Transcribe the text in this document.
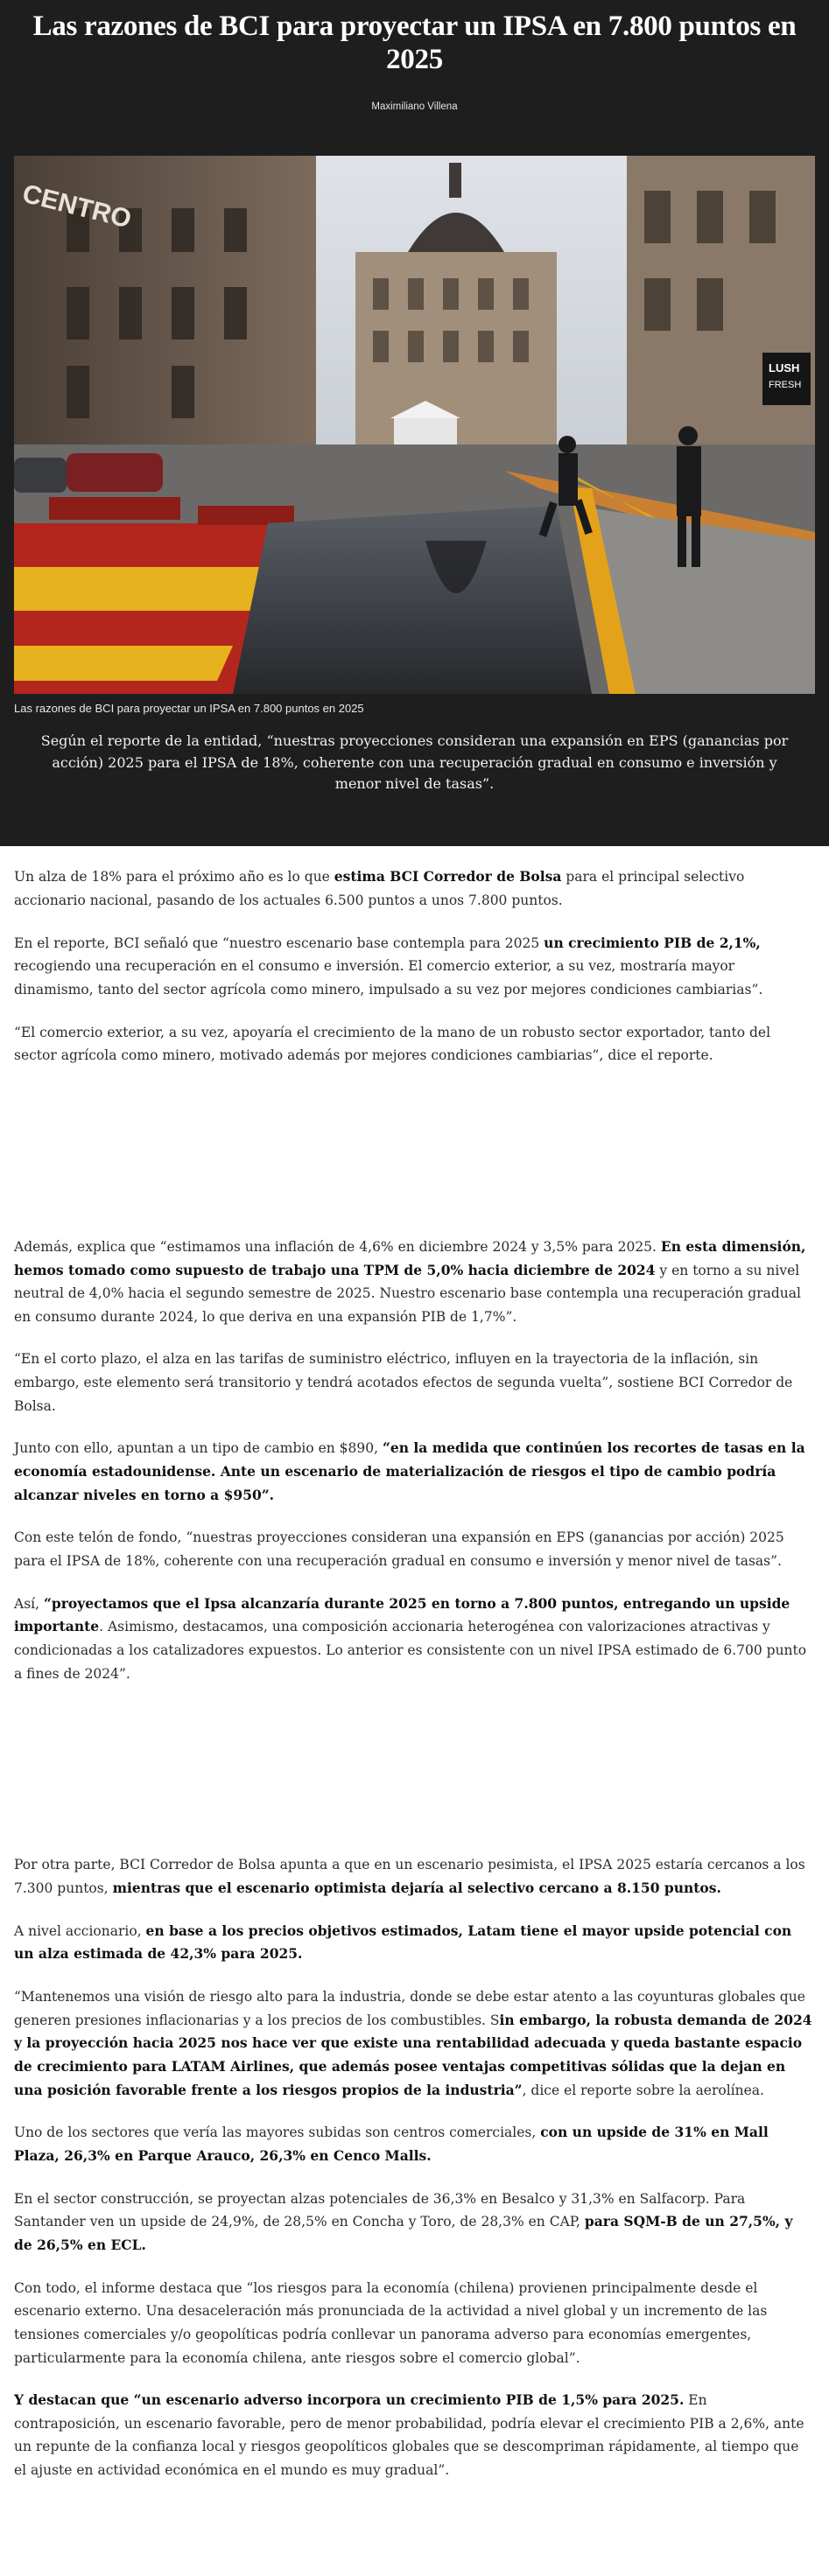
Las razones de BCI para proyectar un IPSA en 7.800 puntos en 2025
Maximiliano Villena
CENTRO
LUSH
FRESH
Las razones de BCI para proyectar un IPSA en 7.800 puntos en 2025

Según el reporte de la entidad, “nuestras proyecciones consideran una expansión en EPS (ganancias por acción) 2025 para el IPSA de 18%, coherente con una recuperación gradual en consumo e inversión y menor nivel de tasas”.

Un alza de 18% para el próximo año es lo que estima BCI Corredor de Bolsa para el principal selectivo accionario nacional, pasando de los actuales 6.500 puntos a unos 7.800 puntos.

En el reporte, BCI señaló que “nuestro escenario base contempla para 2025 un crecimiento PIB de 2,1%, recogiendo una recuperación en el consumo e inversión. El comercio exterior, a su vez, mostraría mayor dinamismo, tanto del sector agrícola como minero, impulsado a su vez por mejores condiciones cambiarias”.

“El comercio exterior, a su vez, apoyaría el crecimiento de la mano de un robusto sector exportador, tanto del sector agrícola como minero, motivado además por mejores condiciones cambiarias”, dice el reporte.

Además, explica que “estimamos una inflación de 4,6% en diciembre 2024 y 3,5% para 2025. En esta dimensión, hemos tomado como supuesto de trabajo una TPM de 5,0% hacia diciembre de 2024 y en torno a su nivel neutral de 4,0% hacia el segundo semestre de 2025. Nuestro escenario base contempla una recuperación gradual en consumo durante 2024, lo que deriva en una expansión PIB de 1,7%”.

“En el corto plazo, el alza en las tarifas de suministro eléctrico, influyen en la trayectoria de la inflación, sin embargo, este elemento será transitorio y tendrá acotados efectos de segunda vuelta”, sostiene BCI Corredor de Bolsa.

Junto con ello, apuntan a un tipo de cambio en $890, “en la medida que continúen los recortes de tasas en la economía estadounidense. Ante un escenario de materialización de riesgos el tipo de cambio podría alcanzar niveles en torno a $950”.

Con este telón de fondo, “nuestras proyecciones consideran una expansión en EPS (ganancias por acción) 2025 para el IPSA de 18%, coherente con una recuperación gradual en consumo e inversión y menor nivel de tasas”.

Así, “proyectamos que el Ipsa alcanzaría durante 2025 en torno a 7.800 puntos, entregando un upside importante. Asimismo, destacamos, una composición accionaria heterogénea con valorizaciones atractivas y condicionadas a los catalizadores expuestos. Lo anterior es consistente con un nivel IPSA estimado de 6.700 punto a fines de 2024”.

Por otra parte, BCI Corredor de Bolsa apunta a que en un escenario pesimista, el IPSA 2025 estaría cercanos a los 7.300 puntos, mientras que el escenario optimista dejaría al selectivo cercano a 8.150 puntos.

A nivel accionario, en base a los precios objetivos estimados, Latam tiene el mayor upside potencial con un alza estimada de 42,3% para 2025.

“Mantenemos una visión de riesgo alto para la industria, donde se debe estar atento a las coyunturas globales que generen presiones inflacionarias y a los precios de los combustibles. Sin embargo, la robusta demanda de 2024 y la proyección hacia 2025 nos hace ver que existe una rentabilidad adecuada y queda bastante espacio de crecimiento para LATAM Airlines, que además posee ventajas competitivas sólidas que la dejan en una posición favorable frente a los riesgos propios de la industria”, dice el reporte sobre la aerolínea.

Uno de los sectores que vería las mayores subidas son centros comerciales, con un upside de 31% en Mall Plaza, 26,3% en Parque Arauco, 26,3% en Cenco Malls.

En el sector construcción, se proyectan alzas potenciales de 36,3% en Besalco y 31,3% en Salfacorp. Para Santander ven un upside de 24,9%, de 28,5% en Concha y Toro, de 28,3% en CAP, para SQM-B de un 27,5%, y de 26,5% en ECL.

Con todo, el informe destaca que “los riesgos para la economía (chilena) provienen principalmente desde el escenario externo. Una desaceleración más pronunciada de la actividad a nivel global y un incremento de las tensiones comerciales y/o geopolíticas podría conllevar un panorama adverso para economías emergentes, particularmente para la economía chilena, ante riesgos sobre el comercio global”.

Y destacan que “un escenario adverso incorpora un crecimiento PIB de 1,5% para 2025. En contraposición, un escenario favorable, pero de menor probabilidad, podría elevar el crecimiento PIB a 2,6%, ante un repunte de la confianza local y riesgos geopolíticos globales que se descompriman rápidamente, al tiempo que el ajuste en actividad económica en el mundo es muy gradual”.
